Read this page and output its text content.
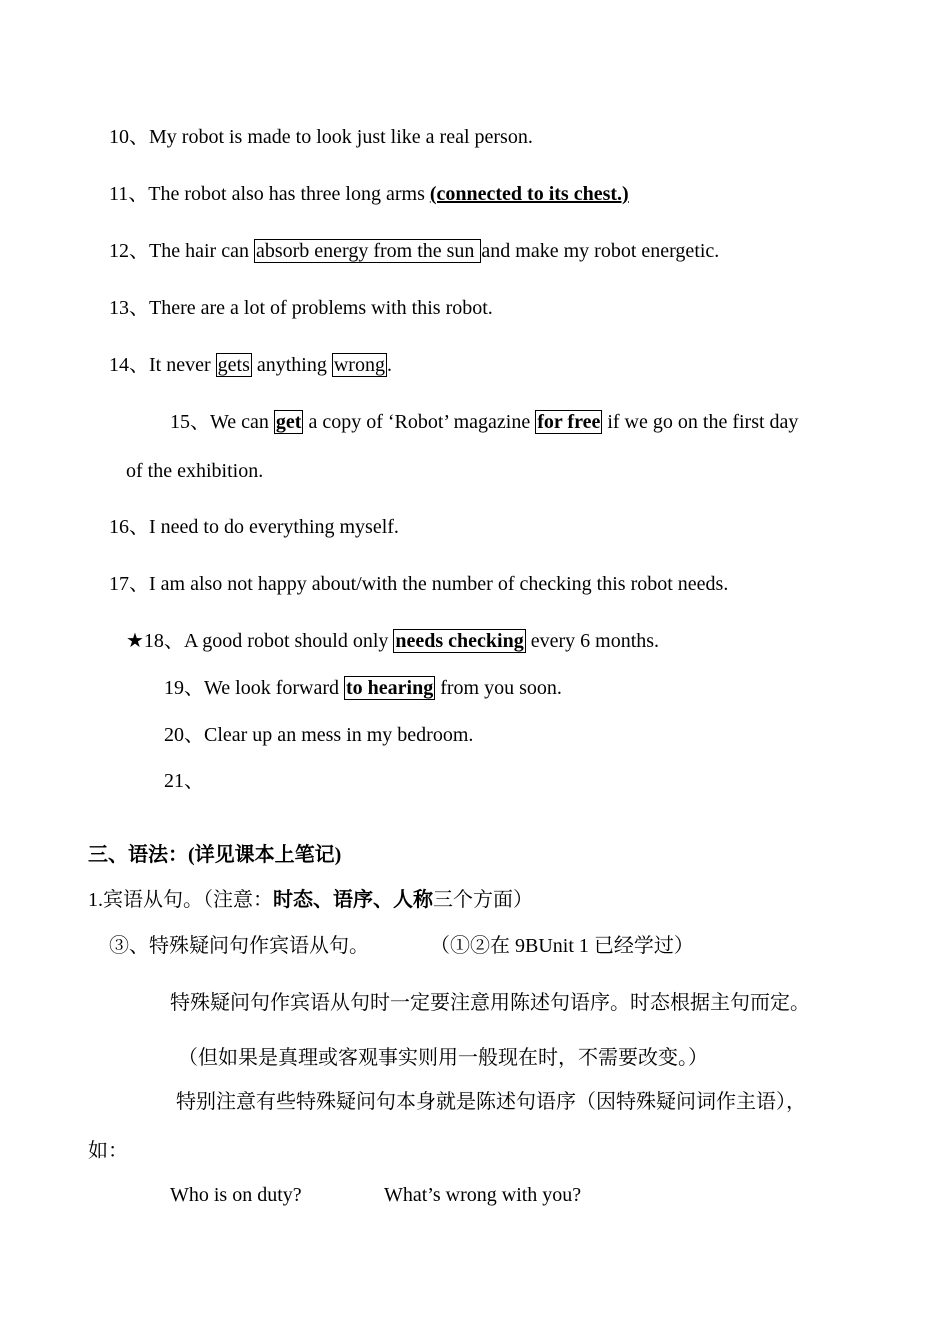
10、My robot is made to look just like a real person.
11、The robot also has three long arms (connected to its chest.)
12、The hair can absorb energy from the sun and make my robot energetic.
13、There are a lot of problems with this robot.
14、It never gets anything wrong .
15、We can get a copy of ‘Robot’ magazine for free if we go on the first day
of the exhibition.
16、I need to do everything myself.
17、I am also not happy about/with the number of checking this robot needs.
★18、A good robot should only needs checking every 6 months.
19、We look forward to hearing from you soon.
20、Clear up an mess in my bedroom.
21、
三、语法：(详见课本上笔记)
1.宾语从句。（注意：时态、语序、人称三个方面）
③、特殊疑问句作宾语从句。	（①②在 9BUnit 1 已经学过）
特殊疑问句作宾语从句时一定要注意用陈述句语序。时态根据主句而定。
（但如果是真理或客观事实则用一般现在时，不需要改变。）
特别注意有些特殊疑问句本身就是陈述句语序（因特殊疑问词作主语），
如：
Who is on duty?	What’s wrong with you?
